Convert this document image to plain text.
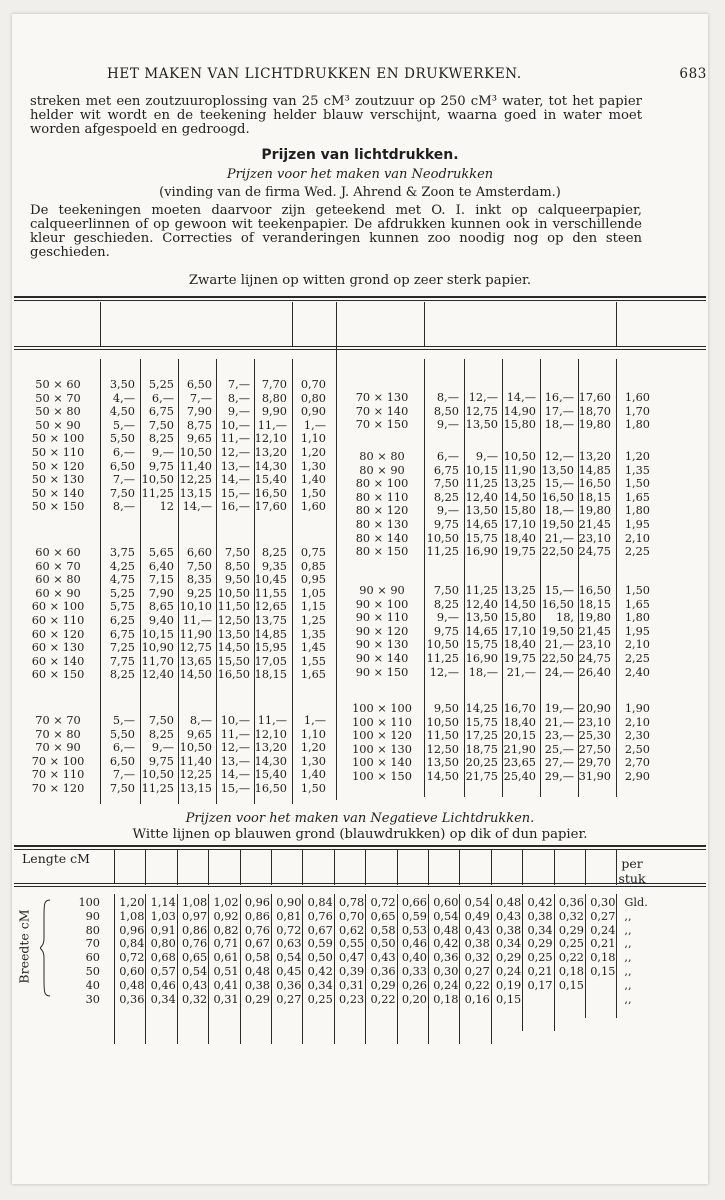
HET MAKEN VAN LICHTDRUKKEN EN DRUKWERKEN.	683

streken met een zoutzuuroplossing van 25 cM³ zoutzuur op 250 cM³ water, tot het papier helder wit wordt en de teekening helder blauw verschijnt, waarna goed in water moet worden afgespoeld en gedroogd.

Prijzen van lichtdrukken.
Prijzen voor het maken van Neodrukken
(vinding van de firma Wed. J. Ahrend & Zoon te Amsterdam.)

De teekeningen moeten daarvoor zijn geteekend met O. I. inkt op calqueerpapier, calqueerlinnen of op gewoon wit teekenpapier. De afdrukken kunnen ook in verschillende kleur geschieden. Correcties of veranderingen kunnen zoo noodig nog op den steen geschieden.

Zwarte lijnen op witten grond op zeer sterk papier.
50 × 60	3,50 5,25 6,50 7,— 7,70 0,70
50 × 70	4,— 6,— 7,— 8,— 8,80 0,80
50 × 80	4,50 6,75 7,90 9,— 9,90 0,90
50 × 90	5,— 7,50 8,75 10,— 11,— 1,—
50 × 100	5,50 8,25 9,65 11,— 12,10 1,10
50 × 110	6,— 9,— 10,50 12,— 13,20 1,20
50 × 120	6,50 9,75 11,40 13,— 14,30 1,30
50 × 130	7,— 10,50 12,25 14,— 15,40 1,40
50 × 140	7,50 11,25 13,15 15,— 16,50 1,50
50 × 150	8,— 12 14,— 16,— 17,60 1,60
60 × 60	3,75 5,65 6,60 7,50 8,25 0,75
60 × 70	4,25 6,40 7,50 8,50 9,35 0,85
60 × 80	4,75 7,15 8,35 9,50 10,45 0,95
60 × 90	5,25 7,90 9,25 10,50 11,55 1,05
60 × 100	5,75 8,65 10,10 11,50 12,65 1,15
60 × 110	6,25 9,40 11,— 12,50 13,75 1,25
60 × 120	6,75 10,15 11,90 13,50 14,85 1,35
60 × 130	7,25 10,90 12,75 14,50 15,95 1,45
60 × 140	7,75 11,70 13,65 15,50 17,05 1,55
60 × 150	8,25 12,40 14,50 16,50 18,15 1,65
70 × 70	5,— 7,50 8,— 10,— 11,— 1,—
70 × 80	5,50 8,25 9,65 11,— 12,10 1,10
70 × 90	6,— 9,— 10,50 12,— 13,20 1,20
70 × 100	6,50 9,75 11,40 13,— 14,30 1,30
70 × 110	7,— 10,50 12,25 14,— 15,40 1,40
70 × 120	7,50 11,25 13,15 15,— 16,50 1,50
70 × 130	8,— 12,— 14,— 16,— 17,60 1,60
70 × 140	8,50 12,75 14,90 17,— 18,70 1,70
70 × 150	9,— 13,50 15,80 18,— 19,80 1,80
80 × 80	6,— 9,— 10,50 12,— 13,20 1,20
80 × 90	6,75 10,15 11,90 13,50 14,85 1,35
80 × 100	7,50 11,25 13,25 15,— 16,50 1,50
80 × 110	8,25 12,40 14,50 16,50 18,15 1,65
80 × 120	9,— 13,50 15,80 18,— 19,80 1,80
80 × 130	9,75 14,65 17,10 19,50 21,45 1,95
80 × 140	10,50 15,75 18,40 21,— 23,10 2,10
80 × 150	11,25 16,90 19,75 22,50 24,75 2,25
90 × 90	7,50 11,25 13,25 15,— 16,50 1,50
90 × 100	8,25 12,40 14,50 16,50 18,15 1,65
90 × 110	9,— 13,50 15,80 18, 19,80 1,80
90 × 120	9,75 14,65 17,10 19,50 21,45 1,95
90 × 130	10,50 15,75 18,40 21,— 23,10 2,10
90 × 140	11,25 16,90 19,75 22,50 24,75 2,25
90 × 150	12,— 18,— 21,— 24,— 26,40 2,40
100 × 100	9,50 14,25 16,70 19,— 20,90 1,90
100 × 110	10,50 15,75 18,40 21,— 23,10 2,10
100 × 120	11,50 17,25 20,15 23,— 25,30 2,30
100 × 130	12,50 18,75 21,90 25,— 27,50 2,50
100 × 140	13,50 20,25 23,65 27,— 29,70 2,70
100 × 150	14,50 21,75 25,40 29,— 31,90 2,90
Prijzen voor het maken van Negatieve Lichtdrukken.
Witte lijnen op blauwen grond (blauwdrukken) op dik of dun papier.
Lengte cM	per
stuk
Breedte cM
100 1,20 1,14 1,08 1,02 0,96 0,90 0,84 0,78 0,72 0,66 0,60 0,54 0,48 0,42 0,36 0,30 Gld.
90 1,08 1,03 0,97 0,92 0,86 0,81 0,76 0,70 0,65 0,59 0,54 0,49 0,43 0,38 0,32 0,27 ,,
80 0,96 0,91 0,86 0,82 0,76 0,72 0,67 0,62 0,58 0,53 0,48 0,43 0,38 0,34 0,29 0,24 ,,
70 0,84 0,80 0,76 0,71 0,67 0,63 0,59 0,55 0,50 0,46 0,42 0,38 0,34 0,29 0,25 0,21 ,,
60 0,72 0,68 0,65 0,61 0,58 0,54 0,50 0,47 0,43 0,40 0,36 0,32 0,29 0,25 0,22 0,18 ,,
50 0,60 0,57 0,54 0,51 0,48 0,45 0,42 0,39 0,36 0,33 0,30 0,27 0,24 0,21 0,18 0,15 ,,
40 0,48 0,46 0,43 0,41 0,38 0,36 0,34 0,31 0,29 0,26 0,24 0,22 0,19 0,17 0,15	,,
30 0,36 0,34 0,32 0,31 0,29 0,27 0,25 0,23 0,22 0,20 0,18 0,16 0,15	,,
